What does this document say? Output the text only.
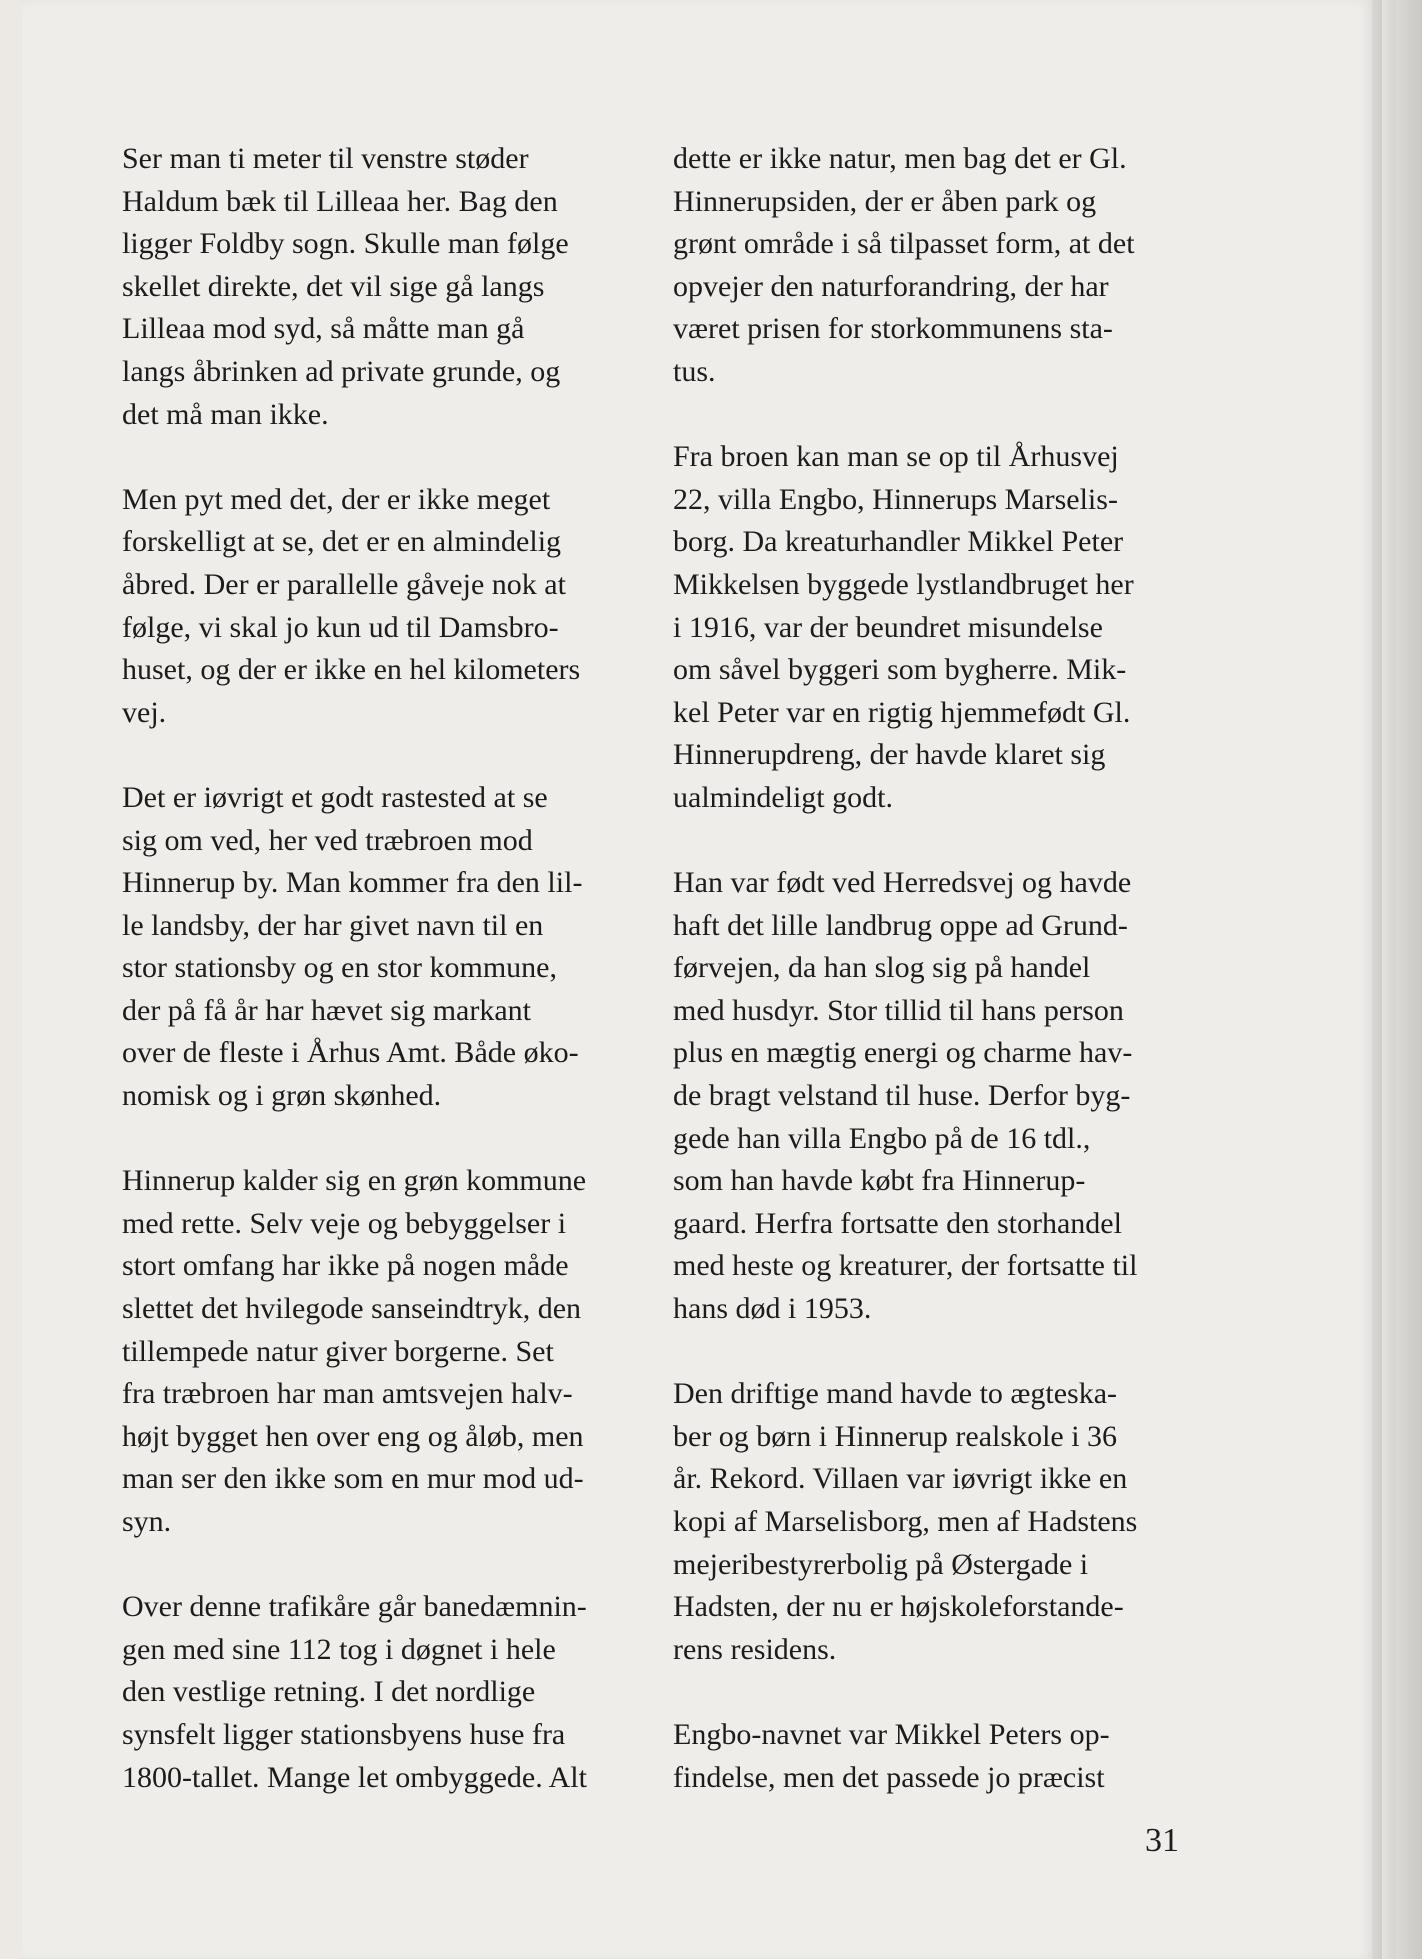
Ser man ti meter til venstre støder
Haldum bæk til Lilleaa her. Bag den
ligger Foldby sogn. Skulle man følge
skellet direkte, det vil sige gå langs
Lilleaa mod syd, så måtte man gå
langs åbrinken ad private grunde, og
det må man ikke.

Men pyt med det, der er ikke meget
forskelligt at se, det er en almindelig
åbred. Der er parallelle gåveje nok at
følge, vi skal jo kun ud til Damsbro-
huset, og der er ikke en hel kilometers
vej.

Det er iøvrigt et godt rastested at se
sig om ved, her ved træbroen mod
Hinnerup by. Man kommer fra den lil-
le landsby, der har givet navn til en
stor stationsby og en stor kommune,
der på få år har hævet sig markant
over de fleste i Århus Amt. Både øko-
nomisk og i grøn skønhed.

Hinnerup kalder sig en grøn kommune
med rette. Selv veje og bebyggelser i
stort omfang har ikke på nogen måde
slettet det hvilegode sanseindtryk, den
tillempede natur giver borgerne. Set
fra træbroen har man amtsvejen halv-
højt bygget hen over eng og åløb, men
man ser den ikke som en mur mod ud-
syn.

Over denne trafikåre går banedæmnin-
gen med sine 112 tog i døgnet i hele
den vestlige retning. I det nordlige
synsfelt ligger stationsbyens huse fra
1800-tallet. Mange let ombyggede. Alt

dette er ikke natur, men bag det er Gl.
Hinnerupsiden, der er åben park og
grønt område i så tilpasset form, at det
opvejer den naturforandring, der har
været prisen for storkommunens sta-
tus.

Fra broen kan man se op til Århusvej
22, villa Engbo, Hinnerups Marselis-
borg. Da kreaturhandler Mikkel Peter
Mikkelsen byggede lystlandbruget her
i 1916, var der beundret misundelse
om såvel byggeri som bygherre. Mik-
kel Peter var en rigtig hjemmefødt Gl.
Hinnerupdreng, der havde klaret sig
ualmindeligt godt.

Han var født ved Herredsvej og havde
haft det lille landbrug oppe ad Grund-
førvejen, da han slog sig på handel
med husdyr. Stor tillid til hans person
plus en mægtig energi og charme hav-
de bragt velstand til huse. Derfor byg-
gede han villa Engbo på de 16 tdl.,
som han havde købt fra Hinnerup-
gaard. Herfra fortsatte den storhandel
med heste og kreaturer, der fortsatte til
hans død i 1953.

Den driftige mand havde to ægteska-
ber og børn i Hinnerup realskole i 36
år. Rekord. Villaen var iøvrigt ikke en
kopi af Marselisborg, men af Hadstens
mejeribestyrerbolig på Østergade i
Hadsten, der nu er højskoleforstande-
rens residens.

Engbo-navnet var Mikkel Peters op-
findelse, men det passede jo præcist

31
